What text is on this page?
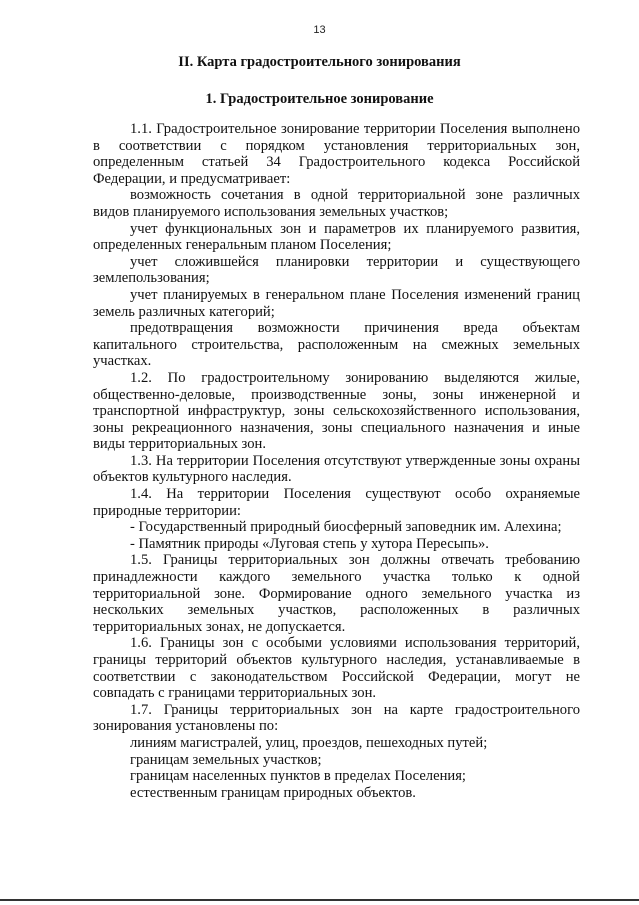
13
II. Карта градостроительного зонирования
1. Градостроительное зонирование

1.1. Градостроительное зонирование территории Поселения выполнено в соответствии с порядком установления территориальных зон, определенным статьей 34 Градостроительного кодекса Российской Федерации, и предусматривает:

возможность сочетания в одной территориальной зоне различных видов планируемого использования земельных участков;

учет функциональных зон и параметров их планируемого развития, определенных генеральным планом Поселения;

учет сложившейся планировки территории и существующего землепользования;

учет планируемых в генеральном плане Поселения изменений границ земель различных категорий;

предотвращения возможности причинения вреда объектам капитального строительства, расположенным на смежных земельных участках.

1.2. По градостроительному зонированию выделяются жилые, общественно-деловые, производственные зоны, зоны инженерной и транспортной инфраструктур, зоны сельскохозяйственного использования, зоны рекреационного назначения, зоны специального назначения и иные виды территориальных зон.

1.3. На территории Поселения отсутствуют утвержденные зоны охраны объектов культурного наследия.

1.4. На территории Поселения существуют особо охраняемые природные территории:

- Государственный природный биосферный заповедник им. Алехина;

- Памятник природы «Луговая степь у хутора Пересыпь».

1.5. Границы территориальных зон должны отвечать требованию принадлежности каждого земельного участка только к одной территориальной зоне. Формирование одного земельного участка из нескольких земельных участков, расположенных в различных территориальных зонах, не допускается.

1.6. Границы зон с особыми условиями использования территорий, границы территорий объектов культурного наследия, устанавливаемые в соответствии с законодательством Российской Федерации, могут не совпадать с границами территориальных зон.

1.7. Границы территориальных зон на карте градостроительного зонирования установлены по:

линиям магистралей, улиц, проездов, пешеходных путей;

границам земельных участков;

границам населенных пунктов в пределах Поселения;

естественным границам природных объектов.
